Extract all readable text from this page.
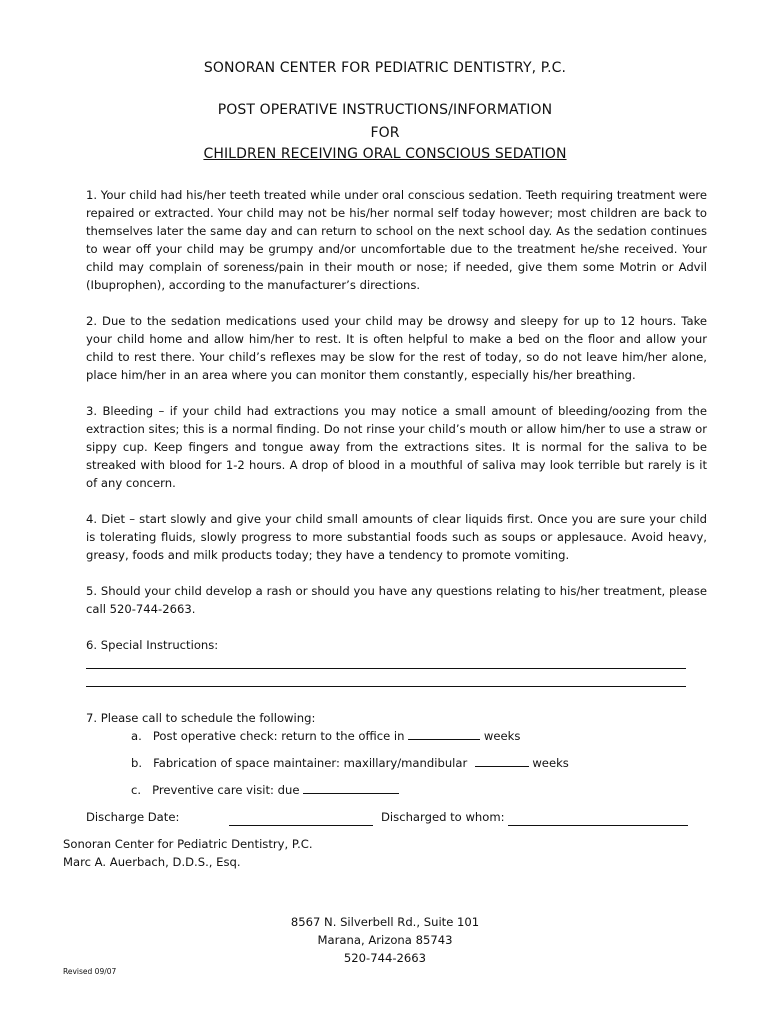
SONORAN CENTER FOR PEDIATRIC DENTISTRY, P.C.
POST OPERATIVE INSTRUCTIONS/INFORMATION
FOR
CHILDREN RECEIVING ORAL CONSCIOUS SEDATION

1. Your child had his/her teeth treated while under oral conscious sedation. Teeth requiring treatment were repaired or extracted. Your child may not be his/her normal self today however; most children are back to themselves later the same day and can return to school on the next school day. As the sedation continues to wear off your child may be grumpy and/or uncomfortable due to the treatment he/she received. Your child may complain of soreness/pain in their mouth or nose; if needed, give them some Motrin or Advil (Ibuprophen), according to the manufacturer’s directions.

2. Due to the sedation medications used your child may be drowsy and sleepy for up to 12 hours. Take your child home and allow him/her to rest. It is often helpful to make a bed on the floor and allow your child to rest there. Your child’s reflexes may be slow for the rest of today, so do not leave him/her alone, place him/her in an area where you can monitor them constantly, especially his/her breathing.

3. Bleeding – if your child had extractions you may notice a small amount of bleeding/oozing from the extraction sites; this is a normal finding. Do not rinse your child’s mouth or allow him/her to use a straw or sippy cup. Keep fingers and tongue away from the extractions sites. It is normal for the saliva to be streaked with blood for 1-2 hours. A drop of blood in a mouthful of saliva may look terrible but rarely is it of any concern.

4. Diet – start slowly and give your child small amounts of clear liquids first. Once you are sure your child is tolerating fluids, slowly progress to more substantial foods such as soups or applesauce. Avoid heavy, greasy, foods and milk products today; they have a tendency to promote vomiting.

5. Should your child develop a rash or should you have any questions relating to his/her treatment, please call 520-744-2663.

6. Special Instructions:

7. Please call to schedule the following:
a. Post operative check: return to the office in	weeks
b. Fabrication of space maintainer: maxillary/mandibular	weeks
c. Preventive care visit: due
Discharge Date:	Discharged to whom:
Sonoran Center for Pediatric Dentistry, P.C.
Marc A. Auerbach, D.D.S., Esq.
8567 N. Silverbell Rd., Suite 101
Marana, Arizona 85743
520-744-2663
Revised 09/07
